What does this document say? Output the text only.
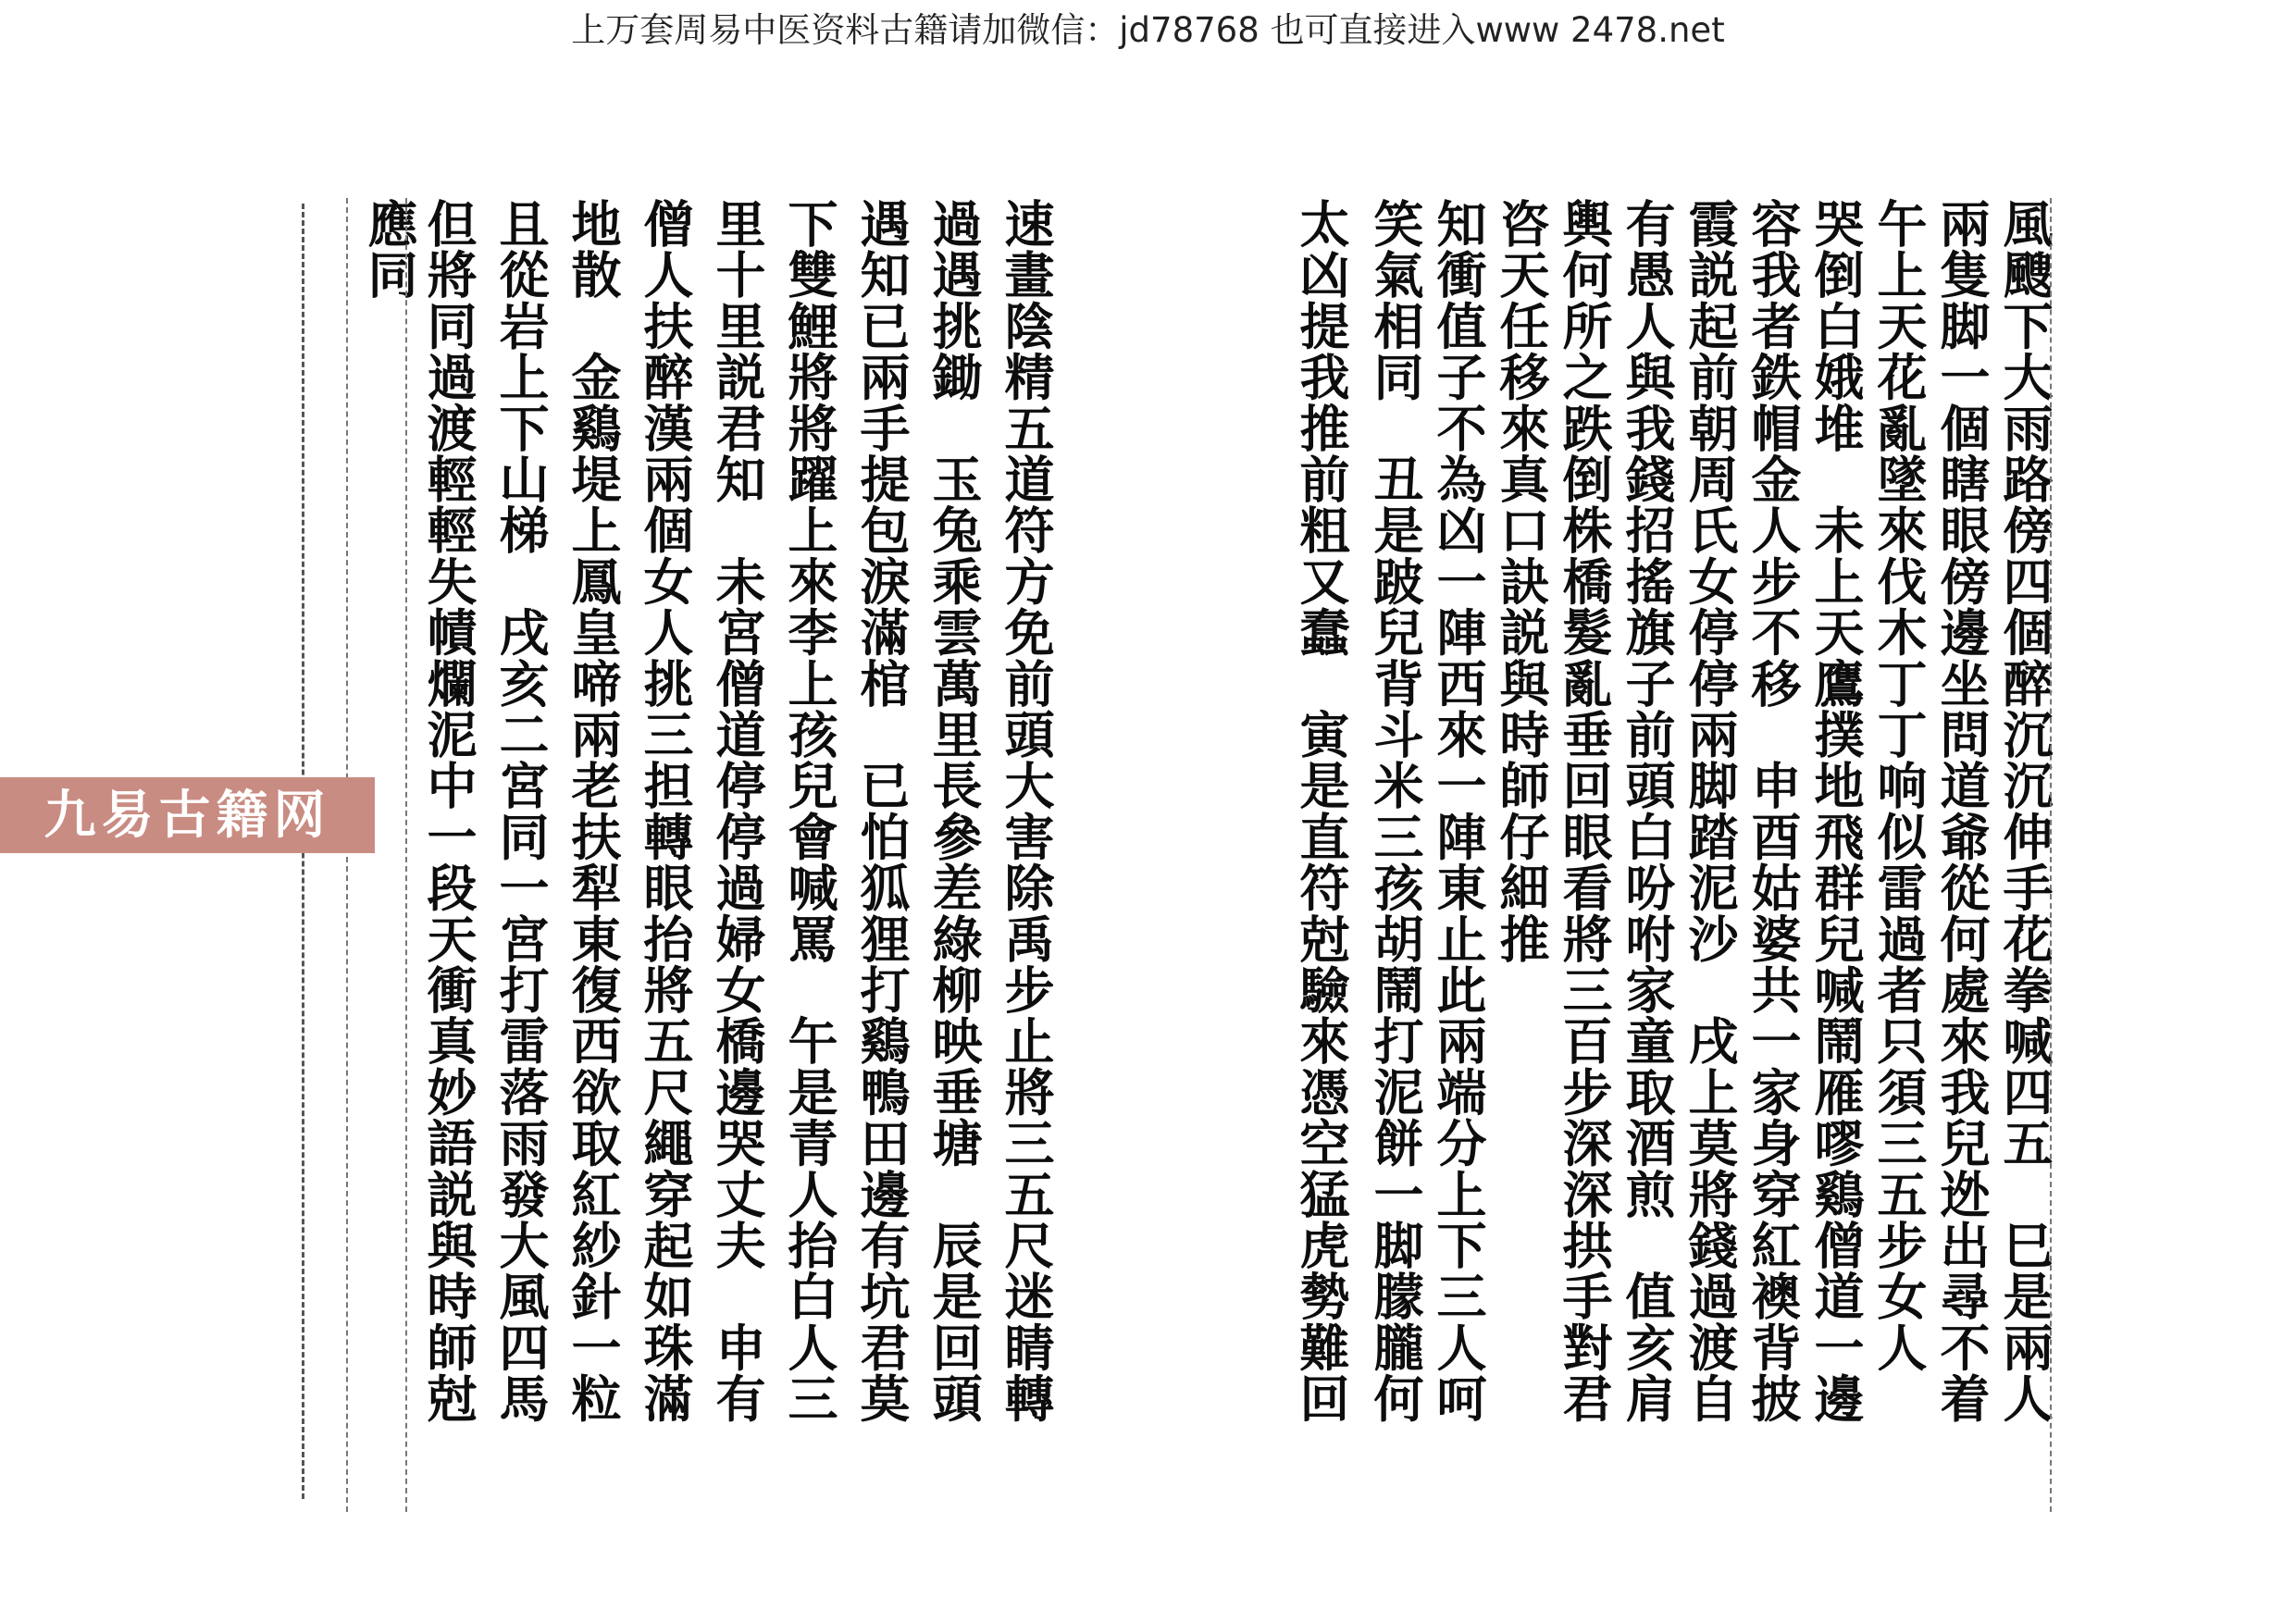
上万套周易中医资料古籍请加微信：jd78768 也可直接进入www 2478.net
速畫陰精五道符方免前頭大害除禹步止將三五尺迷睛轉
過遇挑鋤　玉兔乘雲萬里長參差綠柳映垂塘　辰是回頭
遇知已兩手提包淚滿棺　已怕狐狸打鷄鴨田邊有坑君莫
下雙鯉將將躍上來李上孩兒會喊罵　午是青人抬白人三
里十里説君知　未宮僧道停停過婦女橋邊哭丈夫　申有
僧人扶醉漢兩個女人挑三担轉眼抬將五尺繩穿起如珠滿
地散　金鷄堤上鳳皇啼兩老扶犁東復西欲取紅紗針一粒
且從岩上下山梯　戌亥二宮同一宮打雷落雨發大風四馬
但將同過渡輕輕失幘爛泥中一段天衝真妙語説與時師尅
應同	風颼下大雨路傍四個醉沉沉伸手花拳喊四五　巳是兩人
兩隻脚一個瞎眼傍邊坐問道爺從何處來我兒迯出尋不着
午上天花亂墜來伐木丁丁响似雷過者只須三五步女人
哭倒白娥堆　未上天鷹撲地飛群兒喊鬧雁嘐鷄僧道一邊
容我者鉄帽金人步不移　申酉姑婆共一家身穿紅襖背披
霞説起前朝周氏女停停兩脚踏泥沙　戌上莫將錢過渡自
有愚人與我錢招搖旗子前頭白吩咐家童取酒煎　值亥肩
輿何所之跌倒株橋髮亂垂回眼看將三百步深深拱手對君
咨天任移來真口訣説與時師仔細推
知衝值子不為凶一陣西來一陣東止此兩端分上下三人呵
笑氣相同　丑是跛兒背斗米三孩胡鬧打泥餅一脚朦朧何
太凶提我推前粗又蠢　寅是直符尅驗來憑空猛虎勢難回
九易古籍网
